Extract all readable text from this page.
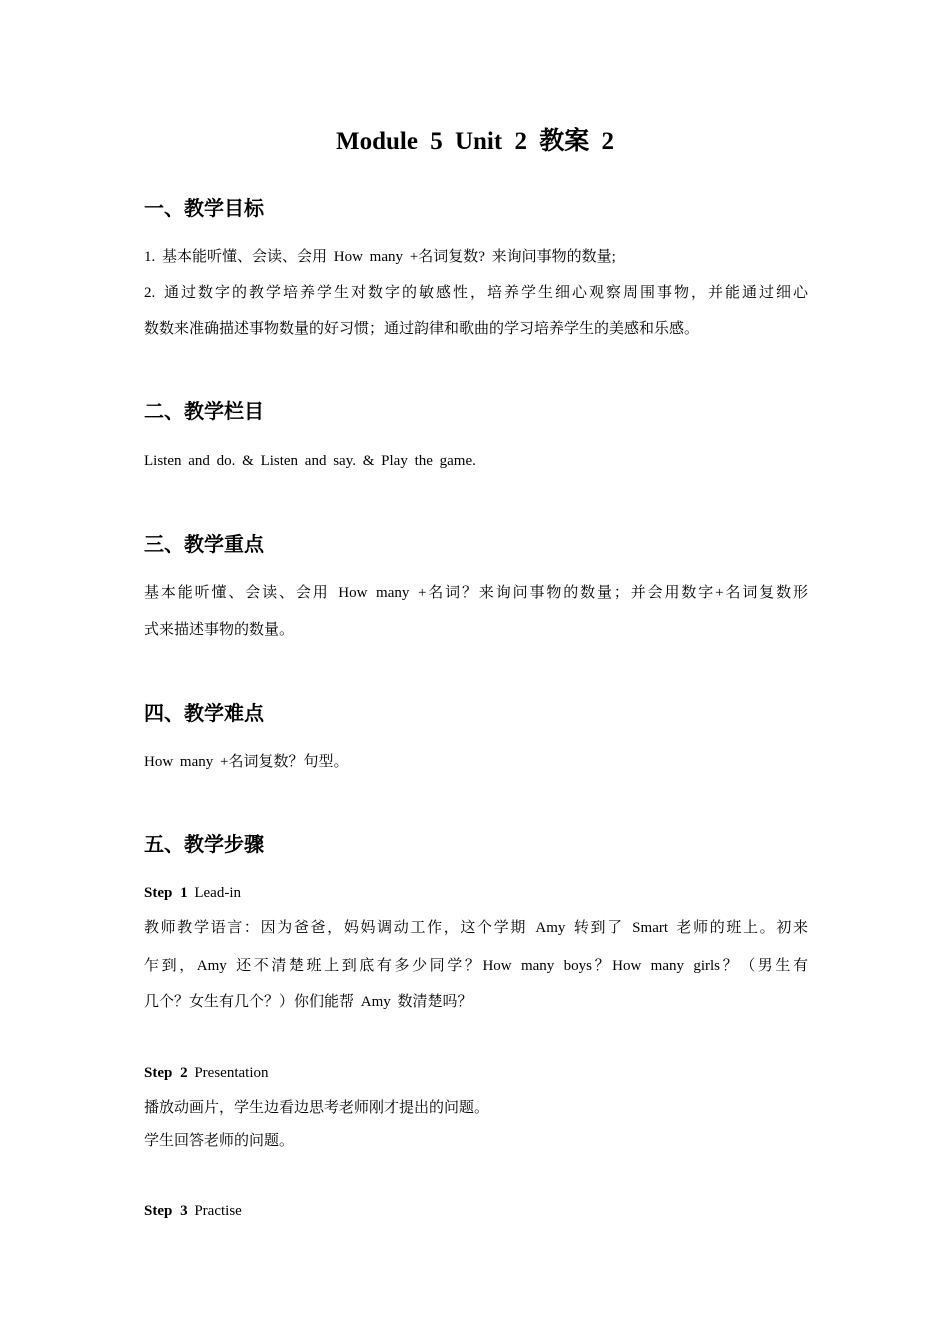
Module 5 Unit 2 教案 2
一、教学目标

1. 基本能听懂、会读、会用 How many +名词复数? 来询问事物的数量;

2. 通过数字的教学培养学生对数字的敏感性，培养学生细心观察周围事物，并能通过细心

数数来准确描述事物数量的好习惯；通过韵律和歌曲的学习培养学生的美感和乐感。

二、教学栏目

Listen and do. & Listen and say. & Play the game.

三、教学重点

基本能听懂、会读、会用 How many +名词？来询问事物的数量；并会用数字+名词复数形

式来描述事物的数量。

四、教学难点

How many +名词复数？句型。

五、教学步骤

Step 1 Lead-in

教师教学语言：因为爸爸，妈妈调动工作，这个学期 Amy 转到了 Smart 老师的班上。初来

乍到，Amy 还不清楚班上到底有多少同学？How many boys？How many girls？（男生有

几个？女生有几个？）你们能帮 Amy 数清楚吗？

Step 2 Presentation

播放动画片，学生边看边思考老师刚才提出的问题。

学生回答老师的问题。

Step 3 Practise
